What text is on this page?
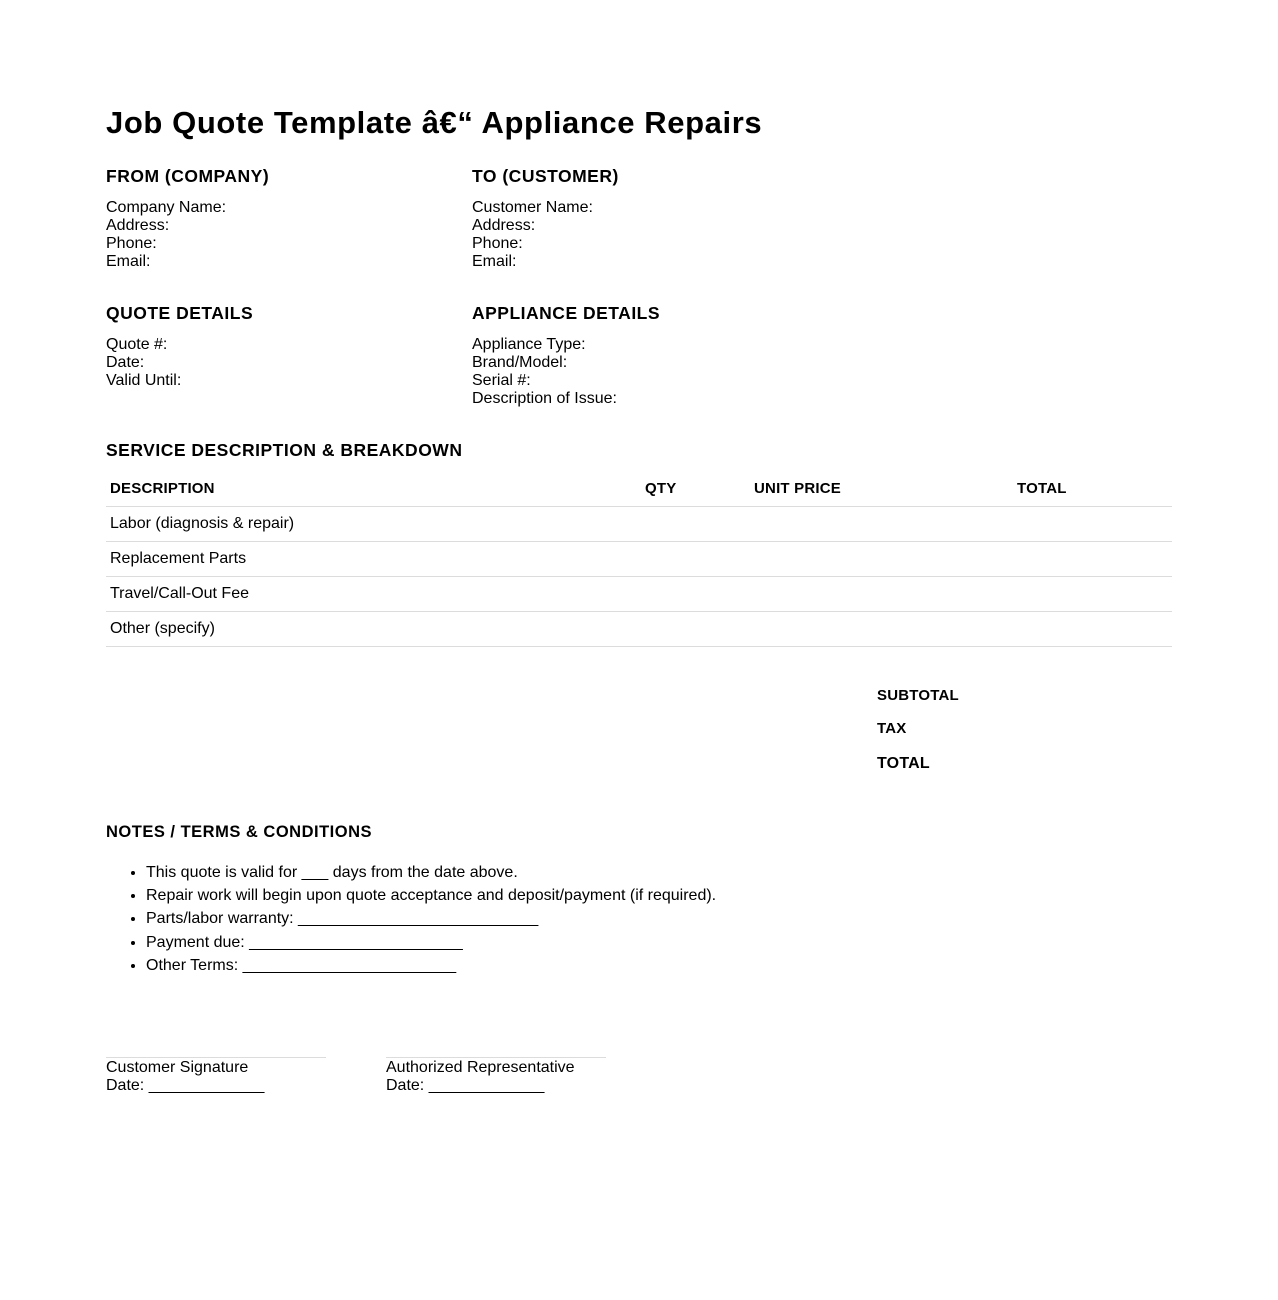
Job Quote Template â€“ Appliance Repairs
FROM (COMPANY)
Company Name:
Address:
Phone:
Email:
TO (CUSTOMER)
Customer Name:
Address:
Phone:
Email:
QUOTE DETAILS
Quote #:
Date:
Valid Until:
APPLIANCE DETAILS
Appliance Type:
Brand/Model:
Serial #:
Description of Issue:
SERVICE DESCRIPTION & BREAKDOWN
DESCRIPTION	QTY	UNIT PRICE	TOTAL
Labor (diagnosis & repair)
Replacement Parts
Travel/Call-Out Fee
Other (specify)
SUBTOTAL
TAX
TOTAL
NOTES / TERMS & CONDITIONS
• This quote is valid for ___ days from the date above.
• Repair work will begin upon quote acceptance and deposit/payment (if required).
• Parts/labor warranty: ___________________________
• Payment due: ________________________
• Other Terms: ________________________
Customer Signature
Date: _____________
Authorized Representative
Date: _____________
